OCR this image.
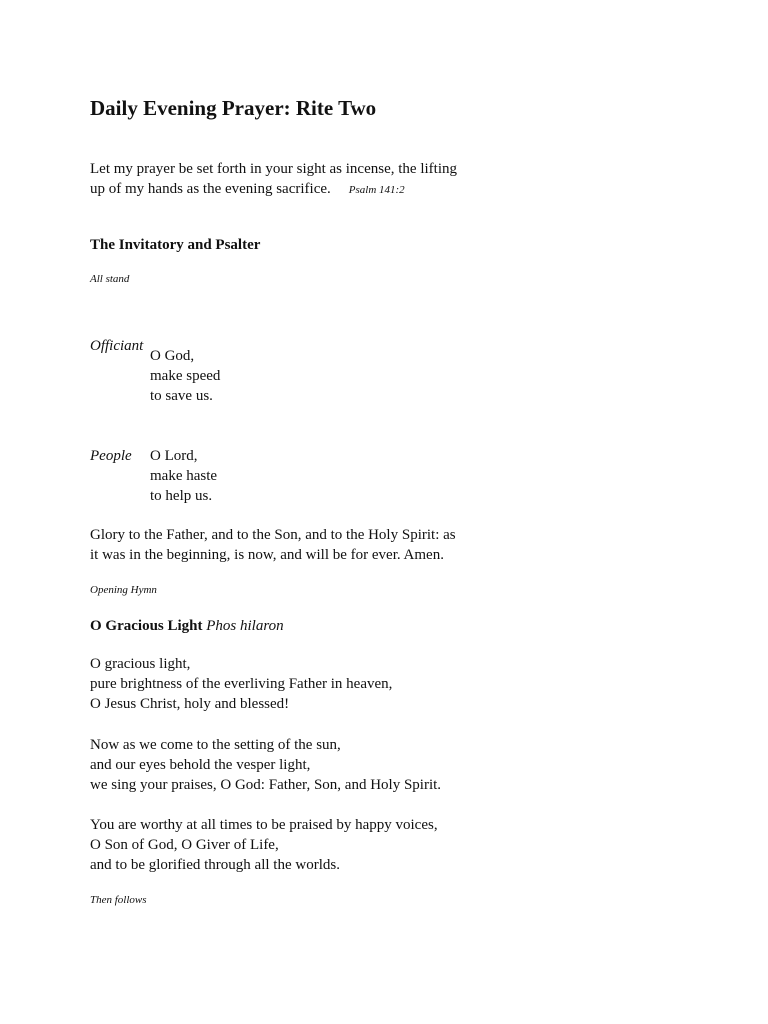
Daily Evening Prayer: Rite Two
Let my prayer be set forth in your sight as incense, the lifting
up of my hands as the evening sacrifice. Psalm 141:2
The Invitatory and Psalter
All stand
Officiant
O God,
make speed
to save us.
People	O Lord,
make haste
to help us.
Glory to the Father, and to the Son, and to the Holy Spirit: as
it was in the beginning, is now, and will be for ever. Amen.
Opening Hymn
O Gracious Light Phos hilaron
O gracious light,
pure brightness of the everliving Father in heaven,
O Jesus Christ, holy and blessed!
Now as we come to the setting of the sun,
and our eyes behold the vesper light,
we sing your praises, O God: Father, Son, and Holy Spirit.
You are worthy at all times to be praised by happy voices,
O Son of God, O Giver of Life,
and to be glorified through all the worlds.
Then follows
